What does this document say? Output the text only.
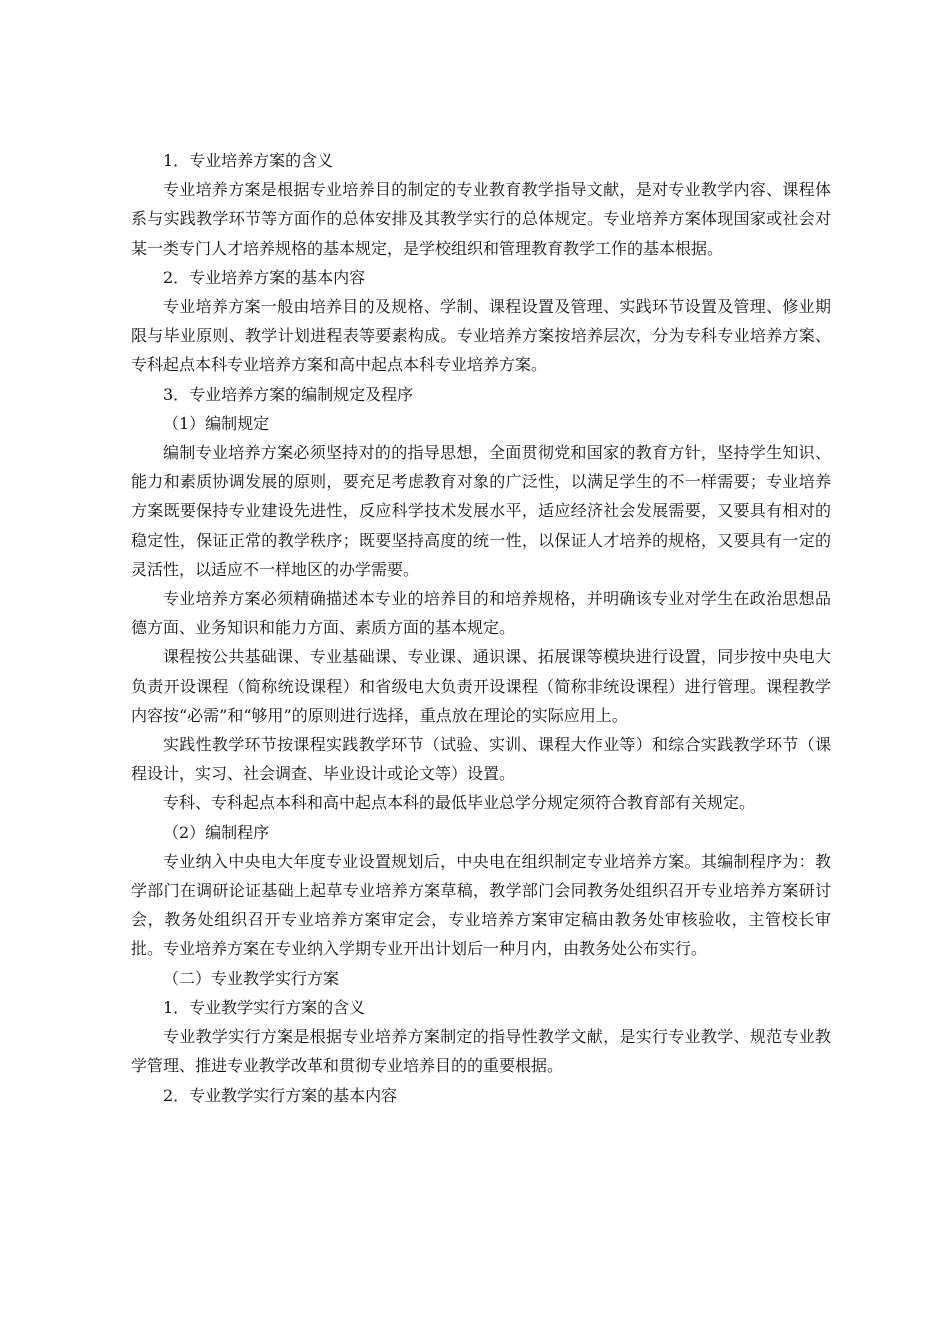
1．专业培养方案的含义

专业培养方案是根据专业培养目的制定的专业教育教学指导文献，是对专业教学内容、课程体系与实践教学环节等方面作的总体安排及其教学实行的总体规定。专业培养方案体现国家或社会对某一类专门人才培养规格的基本规定，是学校组织和管理教育教学工作的基本根据。

2．专业培养方案的基本内容

专业培养方案一般由培养目的及规格、学制、课程设置及管理、实践环节设置及管理、修业期限与毕业原则、教学计划进程表等要素构成。专业培养方案按培养层次，分为专科专业培养方案、专科起点本科专业培养方案和高中起点本科专业培养方案。

3．专业培养方案的编制规定及程序

（1）编制规定

编制专业培养方案必须坚持对的的指导思想，全面贯彻党和国家的教育方针，坚持学生知识、能力和素质协调发展的原则，要充足考虑教育对象的广泛性，以满足学生的不一样需要；专业培养方案既要保持专业建设先进性，反应科学技术发展水平，适应经济社会发展需要，又要具有相对的稳定性，保证正常的教学秩序；既要坚持高度的统一性，以保证人才培养的规格，又要具有一定的灵活性，以适应不一样地区的办学需要。

专业培养方案必须精确描述本专业的培养目的和培养规格，并明确该专业对学生在政治思想品德方面、业务知识和能力方面、素质方面的基本规定。

课程按公共基础课、专业基础课、专业课、通识课、拓展课等模块进行设置，同步按中央电大负责开设课程（简称统设课程）和省级电大负责开设课程（简称非统设课程）进行管理。课程教学内容按“必需”和“够用”的原则进行选择，重点放在理论的实际应用上。

实践性教学环节按课程实践教学环节（试验、实训、课程大作业等）和综合实践教学环节（课程设计，实习、社会调查、毕业设计或论文等）设置。

专科、专科起点本科和高中起点本科的最低毕业总学分规定须符合教育部有关规定。

（2）编制程序

专业纳入中央电大年度专业设置规划后，中央电在组织制定专业培养方案。其编制程序为：教学部门在调研论证基础上起草专业培养方案草稿，教学部门会同教务处组织召开专业培养方案研讨会，教务处组织召开专业培养方案审定会，专业培养方案审定稿由教务处审核验收，主管校长审批。专业培养方案在专业纳入学期专业开出计划后一种月内，由教务处公布实行。

（二）专业教学实行方案

1．专业教学实行方案的含义

专业教学实行方案是根据专业培养方案制定的指导性教学文献，是实行专业教学、规范专业教学管理、推进专业教学改革和贯彻专业培养目的的重要根据。

2．专业教学实行方案的基本内容
